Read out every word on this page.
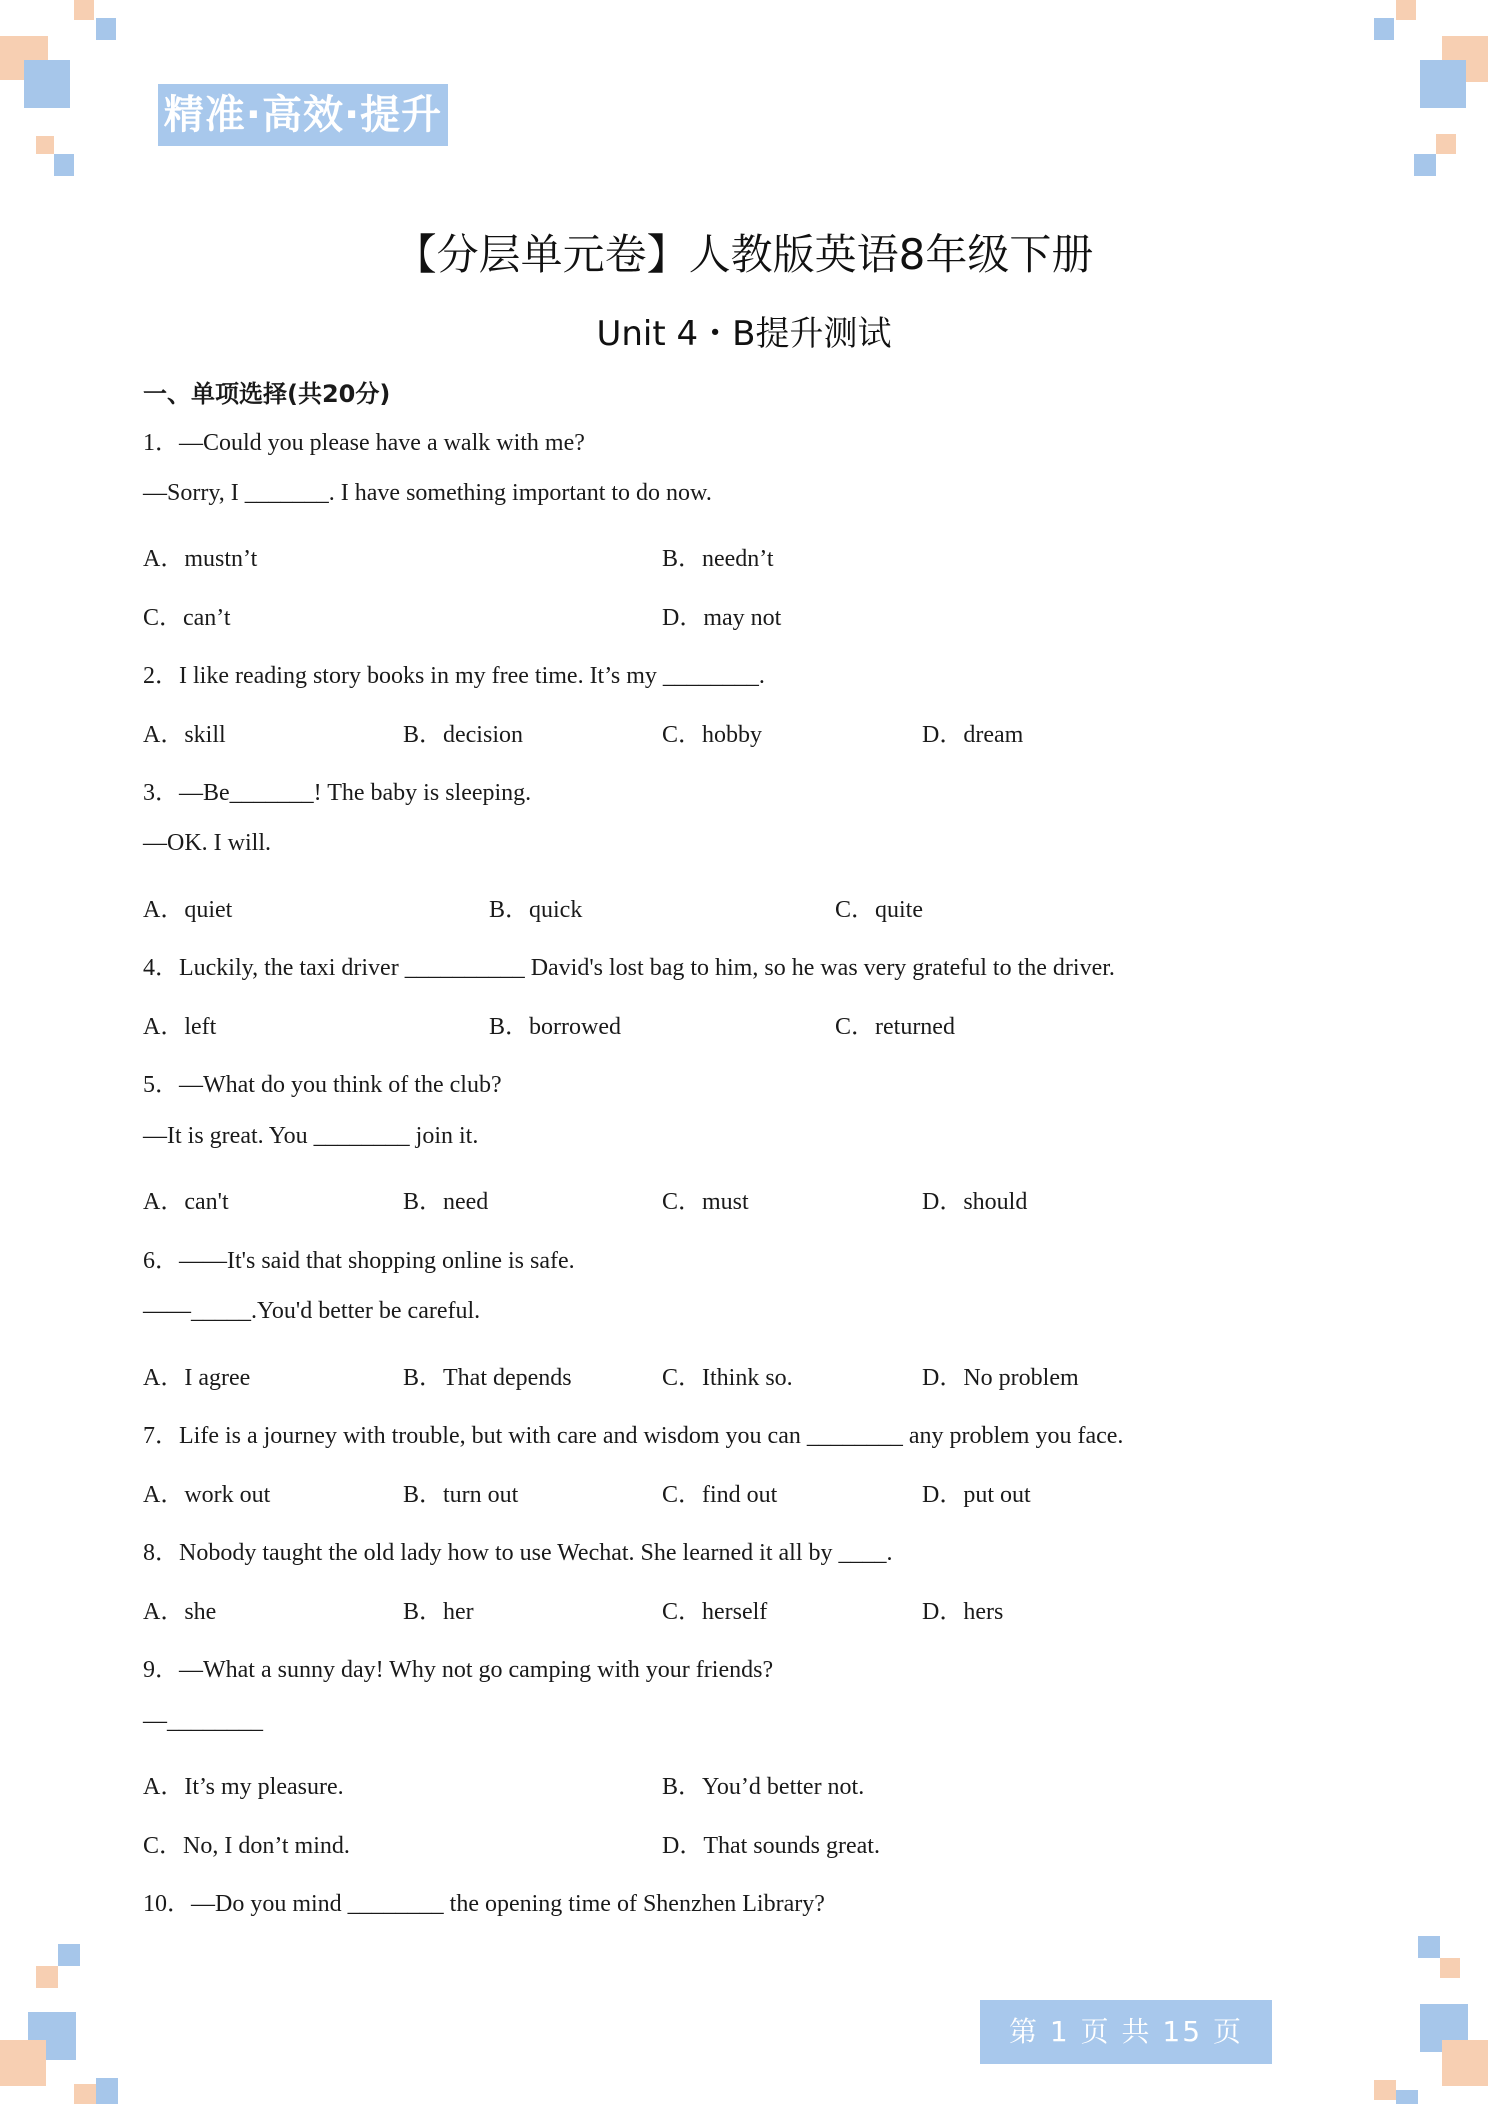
精准·高效·提升
【分层单元卷】人教版英语8年级下册
Unit 4・B提升测试
一、单项选择(共20分)
1．—Could you please have a walk with me?
—Sorry, I _______. I have something important to do now.
A．mustn’t	B．needn’t
C．can’t	D．may not
2．I like reading story books in my free time. It’s my ________.
A．skill	B．decision	C．hobby	D．dream
3．—Be_______! The baby is sleeping.
—OK. I will.
A．quiet	B．quick	C．quite
4．Luckily, the taxi driver __________ David's lost bag to him, so he was very grateful to the driver.
A．left	B．borrowed	C．returned
5．—What do you think of the club?
—It is great. You ________ join it.
A．can't	B．need	C．must	D．should
6．——It's said that shopping online is safe.
——_____.You'd better be careful.
A．I agree	B．That depends	C．Ithink so.	D．No problem
7．Life is a journey with trouble, but with care and wisdom you can ________ any problem you face.
A．work out	B．turn out	C．find out	D．put out
8．Nobody taught the old lady how to use Wechat. She learned it all by ____.
A．she	B．her	C．herself	D．hers
9．—What a sunny day! Why not go camping with your friends?
—________
A．It’s my pleasure.	B．You’d better not.
C．No, I don’t mind.	D．That sounds great.
10．—Do you mind ________ the opening time of Shenzhen Library?
第 1 页 共 15 页
